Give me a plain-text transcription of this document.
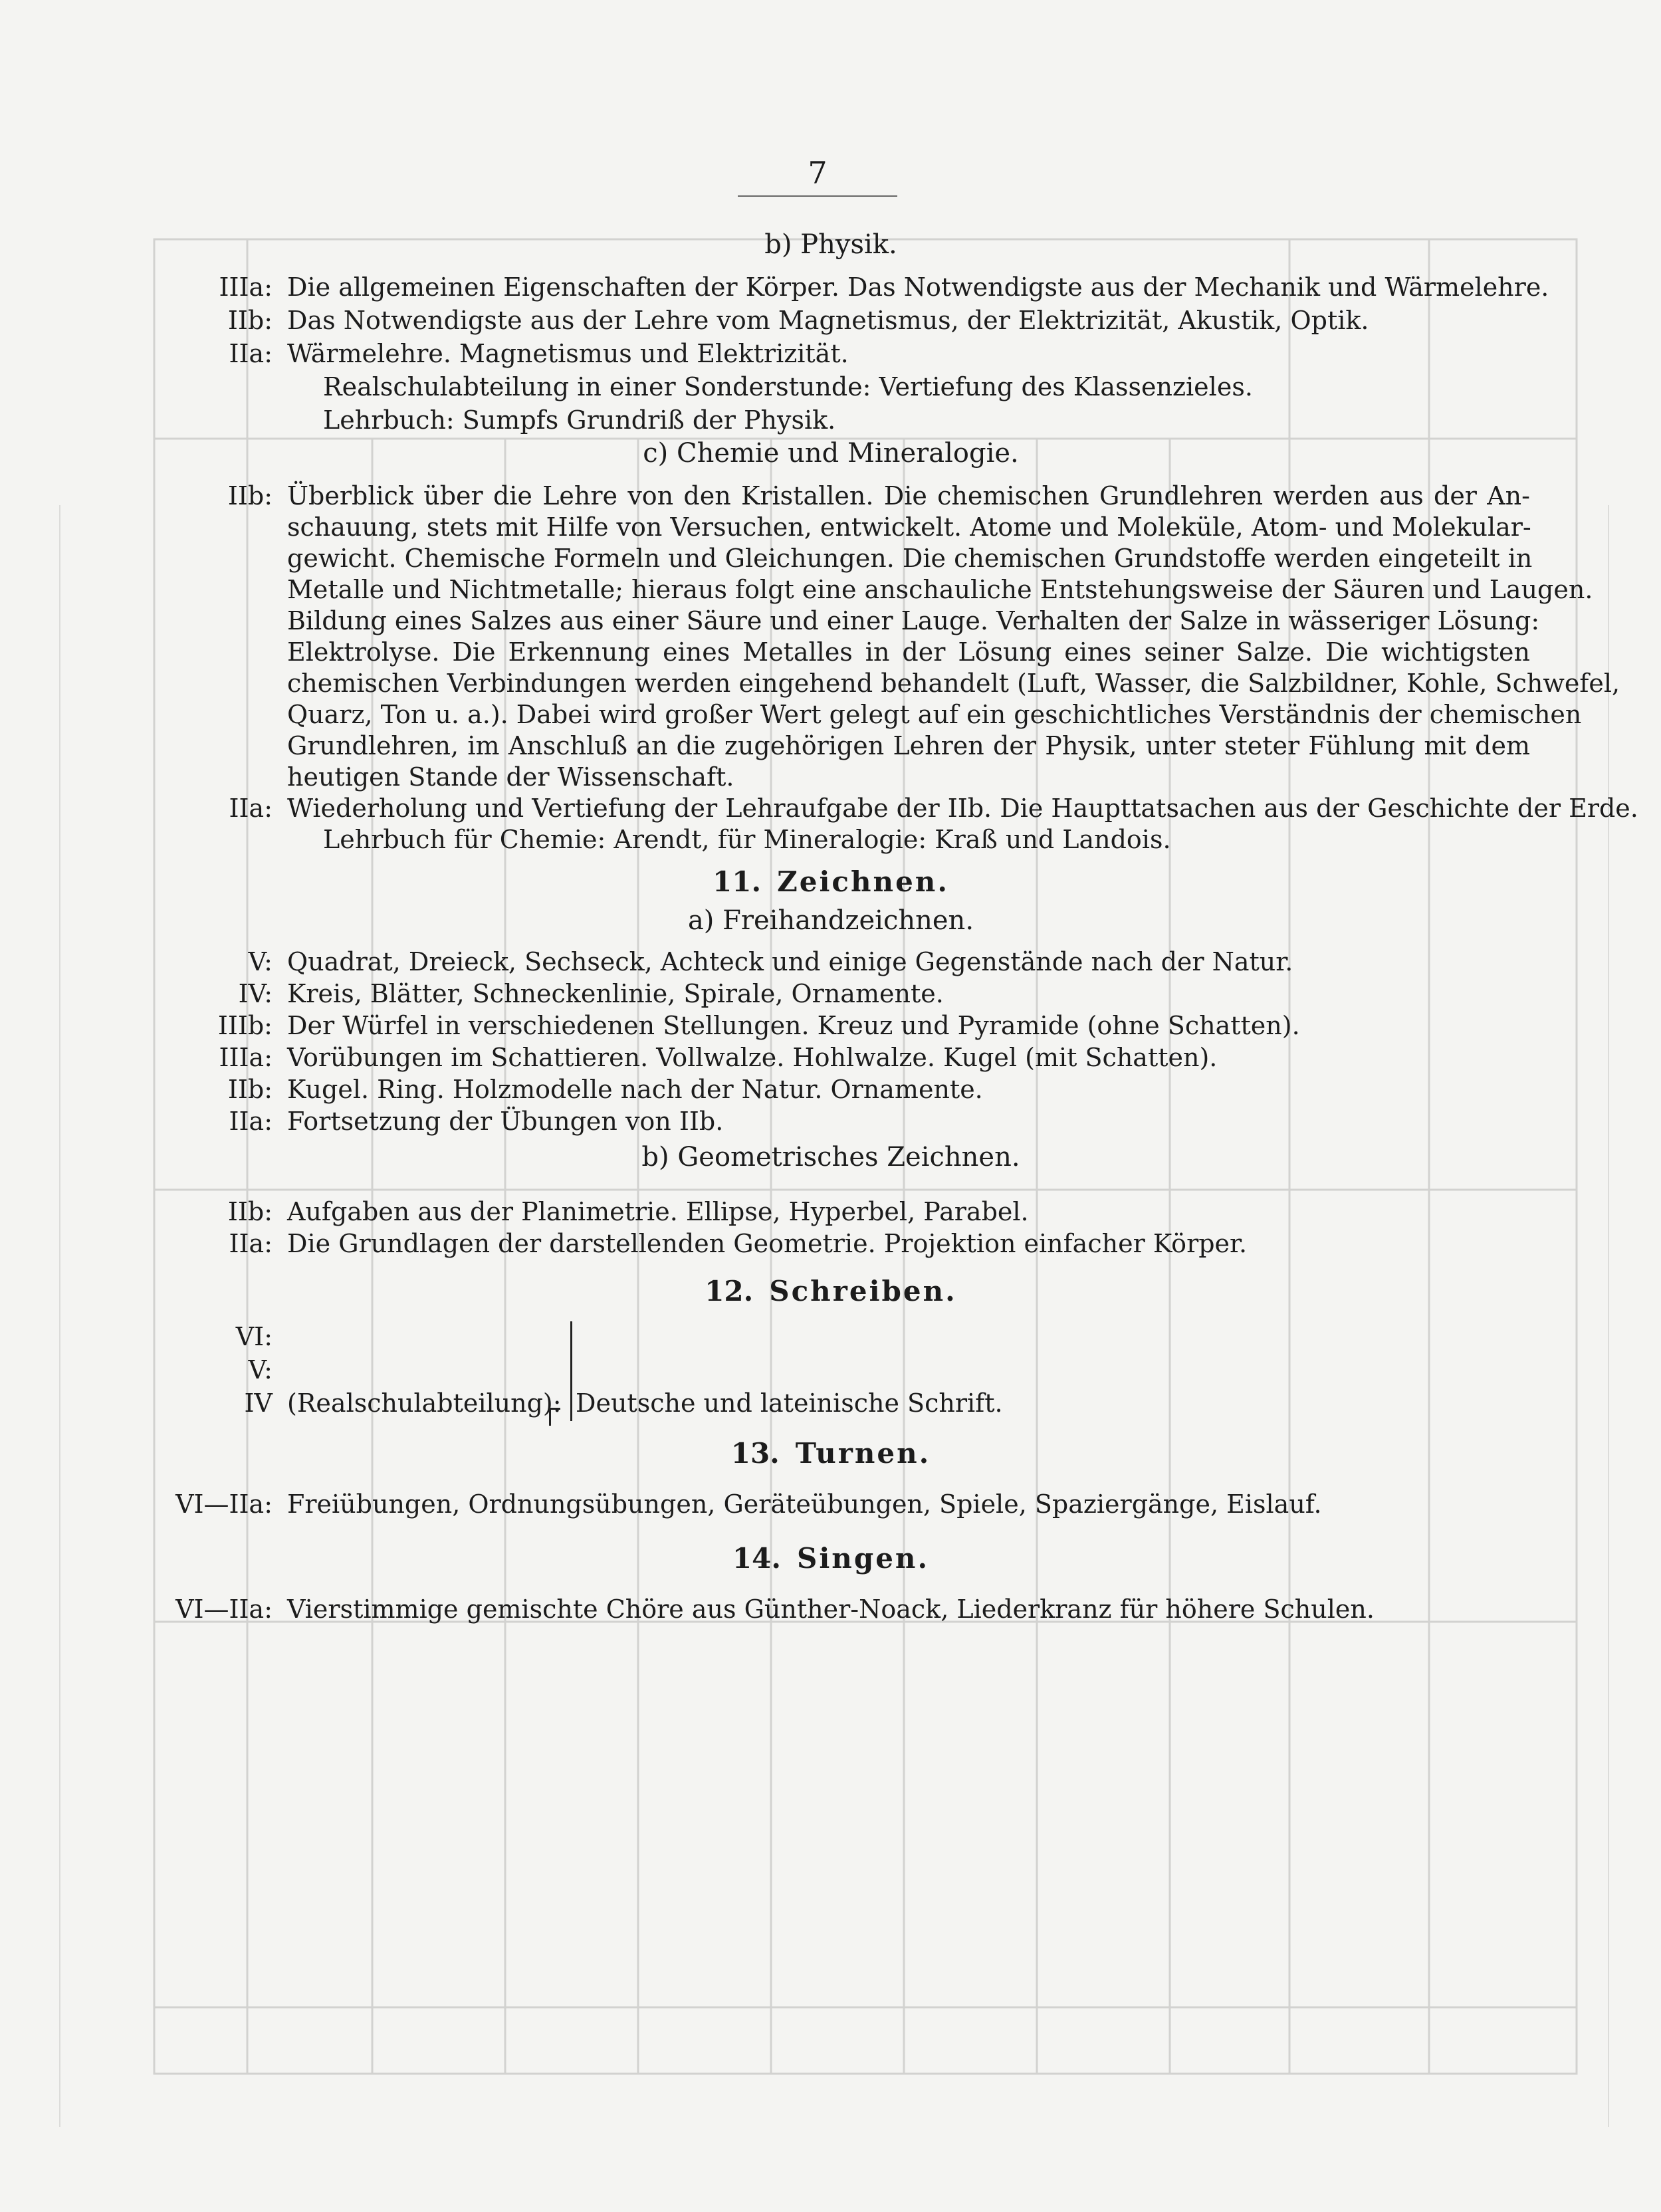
7
b) Physik.
IIIa: Die allgemeinen Eigenschaften der Körper. Das Notwendigste aus der Mechanik und Wärmelehre.
IIb: Das Notwendigste aus der Lehre vom Magnetismus, der Elektrizität, Akustik, Optik.
IIa: Wärmelehre. Magnetismus und Elektrizität.
Realschulabteilung in einer Sonderstunde: Vertiefung des Klassenzieles.
Lehrbuch: Sumpfs Grundriß der Physik.
c) Chemie und Mineralogie.
IIb: Überblick über die Lehre von den Kristallen. Die chemischen Grundlehren werden aus der An-
schauung, stets mit Hilfe von Versuchen, entwickelt. Atome und Moleküle, Atom- und Molekular-
gewicht. Chemische Formeln und Gleichungen. Die chemischen Grundstoffe werden eingeteilt in
Metalle und Nichtmetalle; hieraus folgt eine anschauliche Entstehungsweise der Säuren und Laugen.
Bildung eines Salzes aus einer Säure und einer Lauge. Verhalten der Salze in wässeriger Lösung:
Elektrolyse. Die Erkennung eines Metalles in der Lösung eines seiner Salze. Die wichtigsten
chemischen Verbindungen werden eingehend behandelt (Luft, Wasser, die Salzbildner, Kohle, Schwefel,
Quarz, Ton u. a.). Dabei wird großer Wert gelegt auf ein geschichtliches Verständnis der chemischen
Grundlehren, im Anschluß an die zugehörigen Lehren der Physik, unter steter Fühlung mit dem
heutigen Stande der Wissenschaft.
IIa: Wiederholung und Vertiefung der Lehraufgabe der IIb. Die Haupttatsachen aus der Geschichte der Erde.
Lehrbuch für Chemie: Arendt, für Mineralogie: Kraß und Landois.
11. Zeichnen.
a) Freihandzeichnen.
V: Quadrat, Dreieck, Sechseck, Achteck und einige Gegenstände nach der Natur.
IV: Kreis, Blätter, Schneckenlinie, Spirale, Ornamente.
IIIb: Der Würfel in verschiedenen Stellungen. Kreuz und Pyramide (ohne Schatten).
IIIa: Vorübungen im Schattieren. Vollwalze. Hohlwalze. Kugel (mit Schatten).
IIb: Kugel. Ring. Holzmodelle nach der Natur. Ornamente.
IIa: Fortsetzung der Übungen von IIb.
b) Geometrisches Zeichnen.
IIb: Aufgaben aus der Planimetrie. Ellipse, Hyperbel, Parabel.
IIa: Die Grundlagen der darstellenden Geometrie. Projektion einfacher Körper.
12. Schreiben.
VI:
V:
IV (Realschulabteilung): Deutsche und lateinische Schrift.
13. Turnen.
VI—IIa: Freiübungen, Ordnungsübungen, Geräteübungen, Spiele, Spaziergänge, Eislauf.
14. Singen.
VI—IIa: Vierstimmige gemischte Chöre aus Günther-Noack, Liederkranz für höhere Schulen.
